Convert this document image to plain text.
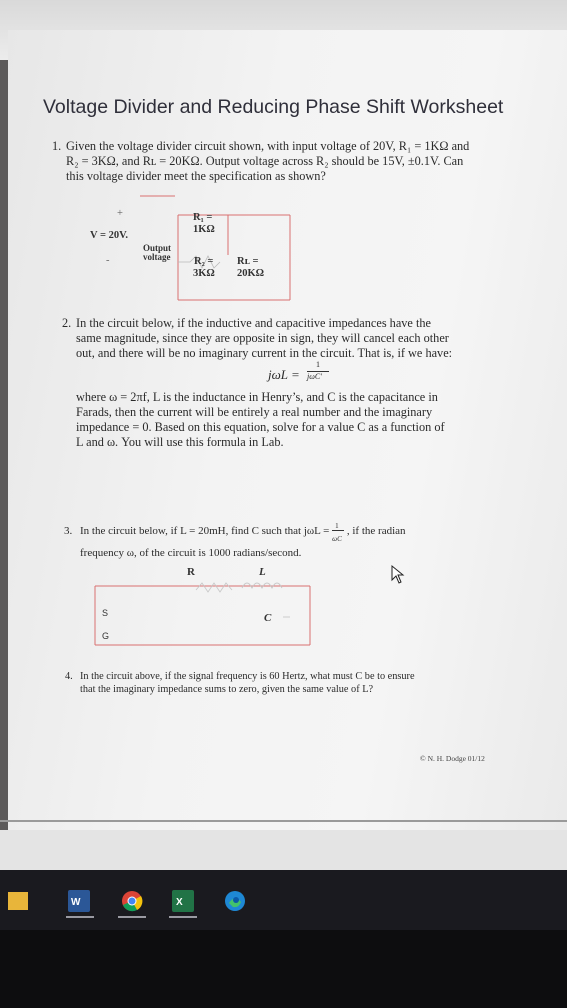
Voltage Divider and Reducing Phase Shift Worksheet
1. Given the voltage divider circuit shown, with input voltage of 20V, R₁ = 1KΩ and

R₂ = 3KΩ, and Rʟ = 20KΩ. Output voltage across R₂ should be 15V, ±0.1V. Can

this voltage divider meet the specification as shown?

+
-
V = 20V.
Output
voltage
R₁ =
1KΩ
R₂ =
3KΩ
Rʟ =
20KΩ
2. In the circuit below, if the inductive and capacitive impedances have the

same magnitude, since they are opposite in sign, they will cancel each other

out, and there will be no imaginary current in the circuit. That is, if we have:

jωL =
1
jωC'

where ω = 2πf, L is the inductance in Henry’s, and C is the capacitance in

Farads, then the current will be entirely a real number and the imaginary

impedance = 0. Based on this equation, solve for a value C as a function of

L and ω. You will use this formula in Lab.

3. In the circuit below, if L = 20mH, find C such that $j\omega L = \frac{1}{\omega C}$ , if the radian

frequency ω, of the circuit is 1000 radians/second.

R	L
S
G
C
4. In the circuit above, if the signal frequency is 60 Hertz, what must C be to ensure

that the imaginary impedance sums to zero, given the same value of L?

© N. H. Dodge 01/12
W	X
